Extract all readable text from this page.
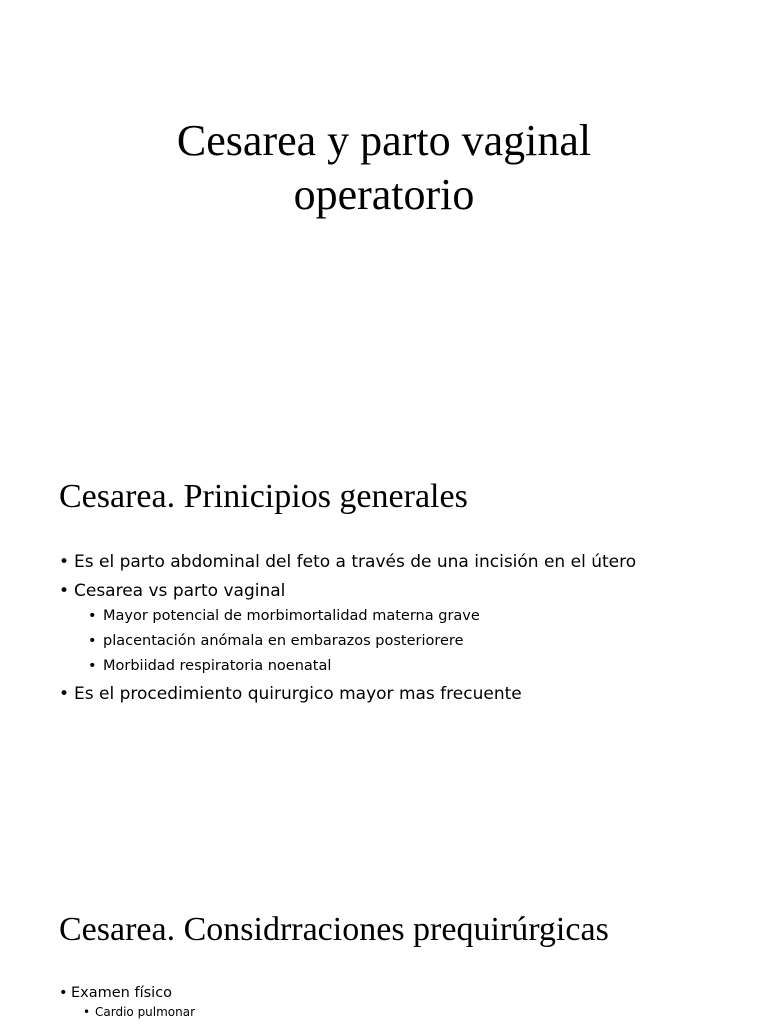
Cesarea y parto vaginal
operatorio
Cesarea. Prinicipios generales
• Es el parto abdominal del feto a través de una incisión en el útero
• Cesarea vs parto vaginal
• Mayor potencial de morbimortalidad materna grave
• placentación anómala en embarazos posteriorere
• Morbiidad respiratoria noenatal
• Es el procedimiento quirurgico mayor mas frecuente
Cesarea. Considrraciones prequirúrgicas
• Examen físico
• Cardio pulmonar
